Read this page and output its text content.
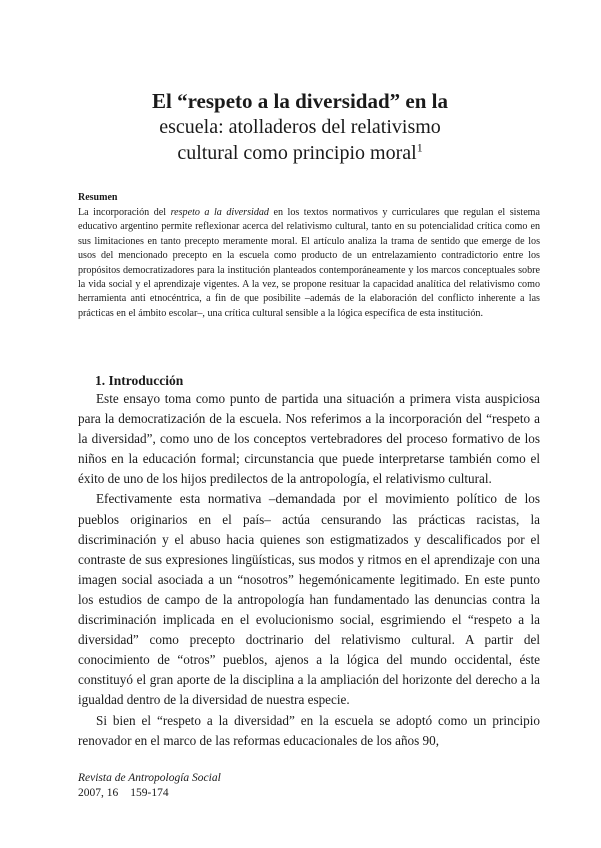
El “respeto a la diversidad” en la
escuela: atolladeros del relativismo
cultural como principio moral$^1$
Resumen
La incorporación del respeto a la diversidad en los textos normativos y curriculares que regulan el sistema educativo argentino permite reflexionar acerca del relativismo cultural, tanto en su potencialidad crítica como en sus limitaciones en tanto precepto meramente moral. El artículo analiza la trama de sentido que emerge de los usos del mencionado precepto en la escuela como producto de un entrelazamiento contradictorio entre los propósitos democratizadores para la institución planteados contemporáneamente y los marcos conceptuales sobre la vida social y el aprendizaje vigentes. A la vez, se propone resituar la capacidad analítica del relativismo como herramienta anti etnocéntrica, a fin de que posibilite –además de la elaboración del conflicto inherente a las prácticas en el ámbito escolar–, una crítica cultural sensible a la lógica específica de esta institución.
1. Introducción

Este ensayo toma como punto de partida una situación a primera vista auspiciosa para la democratización de la escuela. Nos referimos a la incorporación del “respeto a la diversidad”, como uno de los conceptos vertebradores del proceso formativo de los niños en la educación formal; circunstancia que puede interpretarse también como el éxito de uno de los hijos predilectos de la antropología, el relativismo cultural.

Efectivamente esta normativa –demandada por el movimiento político de los pueblos originarios en el país– actúa censurando las prácticas racistas, la discriminación y el abuso hacia quienes son estigmatizados y descalificados por el contraste de sus expresiones lingüísticas, sus modos y ritmos en el aprendizaje con una imagen social asociada a un “nosotros” hegemónicamente legitimado. En este punto los estudios de campo de la antropología han fundamentado las denuncias contra la discriminación implicada en el evolucionismo social, esgrimiendo el “respeto a la diversidad” como precepto doctrinario del relativismo cultural. A partir del conocimiento de “otros” pueblos, ajenos a la lógica del mundo occidental, éste constituyó el gran aporte de la disciplina a la ampliación del horizonte del derecho a la igualdad dentro de la diversidad de nuestra especie.

Si bien el “respeto a la diversidad” en la escuela se adoptó como un principio renovador en el marco de las reformas educacionales de los años 90,

Revista de Antropología Social
2007, 16 159-174
